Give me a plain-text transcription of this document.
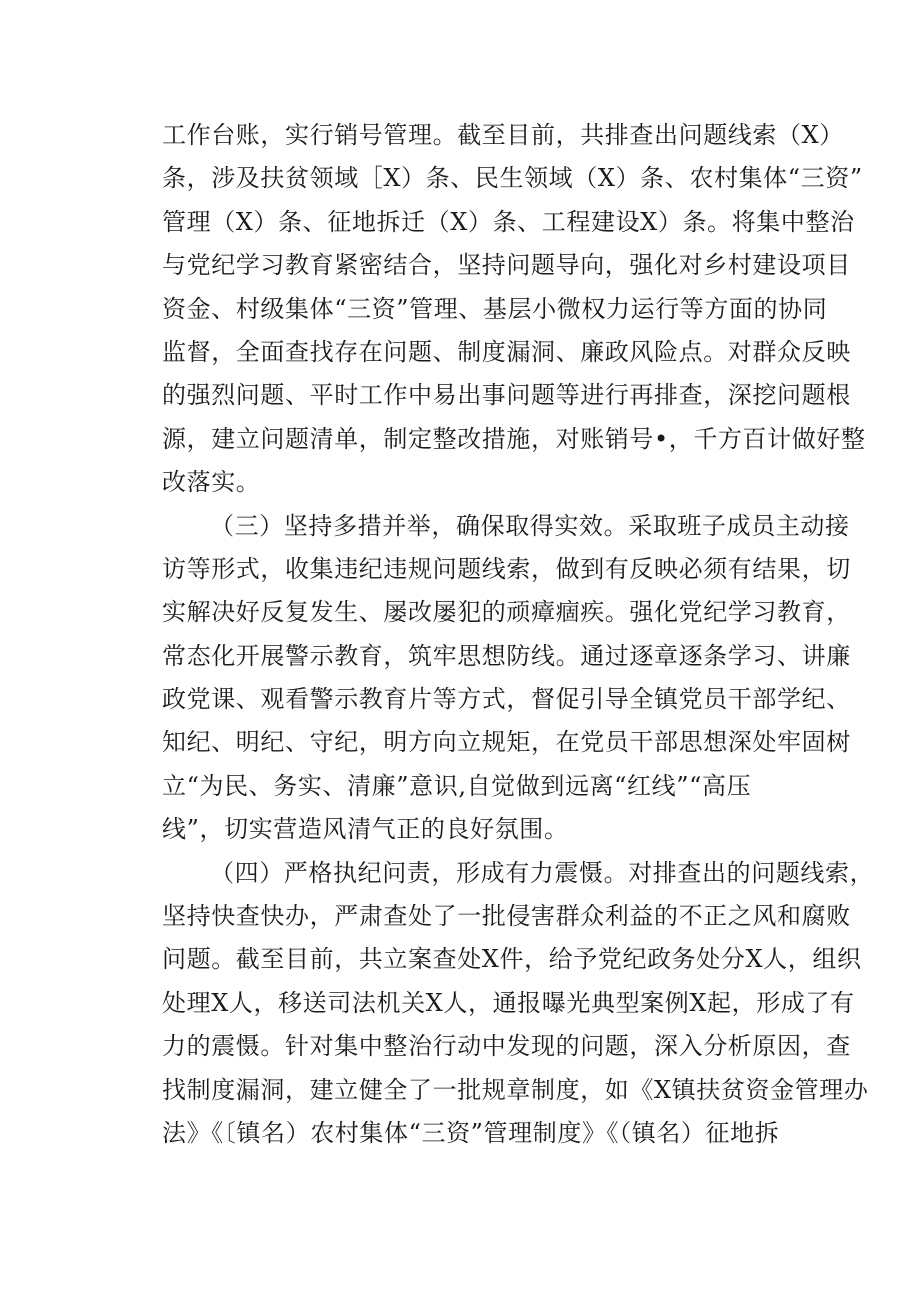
工作台账，实行销号管理。截至目前，共排查出问题线索（X）
条，涉及扶贫领域［X）条、民生领域（X）条、农村集体“三资”
管理（X）条、征地拆迁（X）条、工程建设X）条。将集中整治
与党纪学习教育紧密结合，坚持问题导向，强化对乡村建设项目
资金、村级集体“三资”管理、基层小微权力运行等方面的协同
监督，全面查找存在问题、制度漏洞、廉政风险点。对群众反映
的强烈问题、平时工作中易出事问题等进行再排查，深挖问题根
源，建立问题清单，制定整改措施，对账销号•，千方百计做好整
改落实。
（三）坚持多措并举，确保取得实效。采取班子成员主动接
访等形式，收集违纪违规问题线索，做到有反映必须有结果，切
实解决好反复发生、屡改屡犯的顽瘴痼疾。强化党纪学习教育，
常态化开展警示教育，筑牢思想防线。通过逐章逐条学习、讲廉
政党课、观看警示教育片等方式，督促引导全镇党员干部学纪、
知纪、明纪、守纪，明方向立规矩，在党员干部思想深处牢固树
立“为民、务实、清廉”意识,自觉做到远离“红线”“高压
线”，切实营造风清气正的良好氛围。
（四）严格执纪问责，形成有力震慑。对排查出的问题线索，
坚持快查快办，严肃查处了一批侵害群众利益的不正之风和腐败
问题。截至目前，共立案查处X件，给予党纪政务处分X人，组织
处理X人，移送司法机关X人，通报曝光典型案例X起，形成了有
力的震慑。针对集中整治行动中发现的问题，深入分析原因，查
找制度漏洞，建立健全了一批规章制度，如《X镇扶贫资金管理办
法》《〔镇名）农村集体“三资”管理制度》《（镇名）征地拆
